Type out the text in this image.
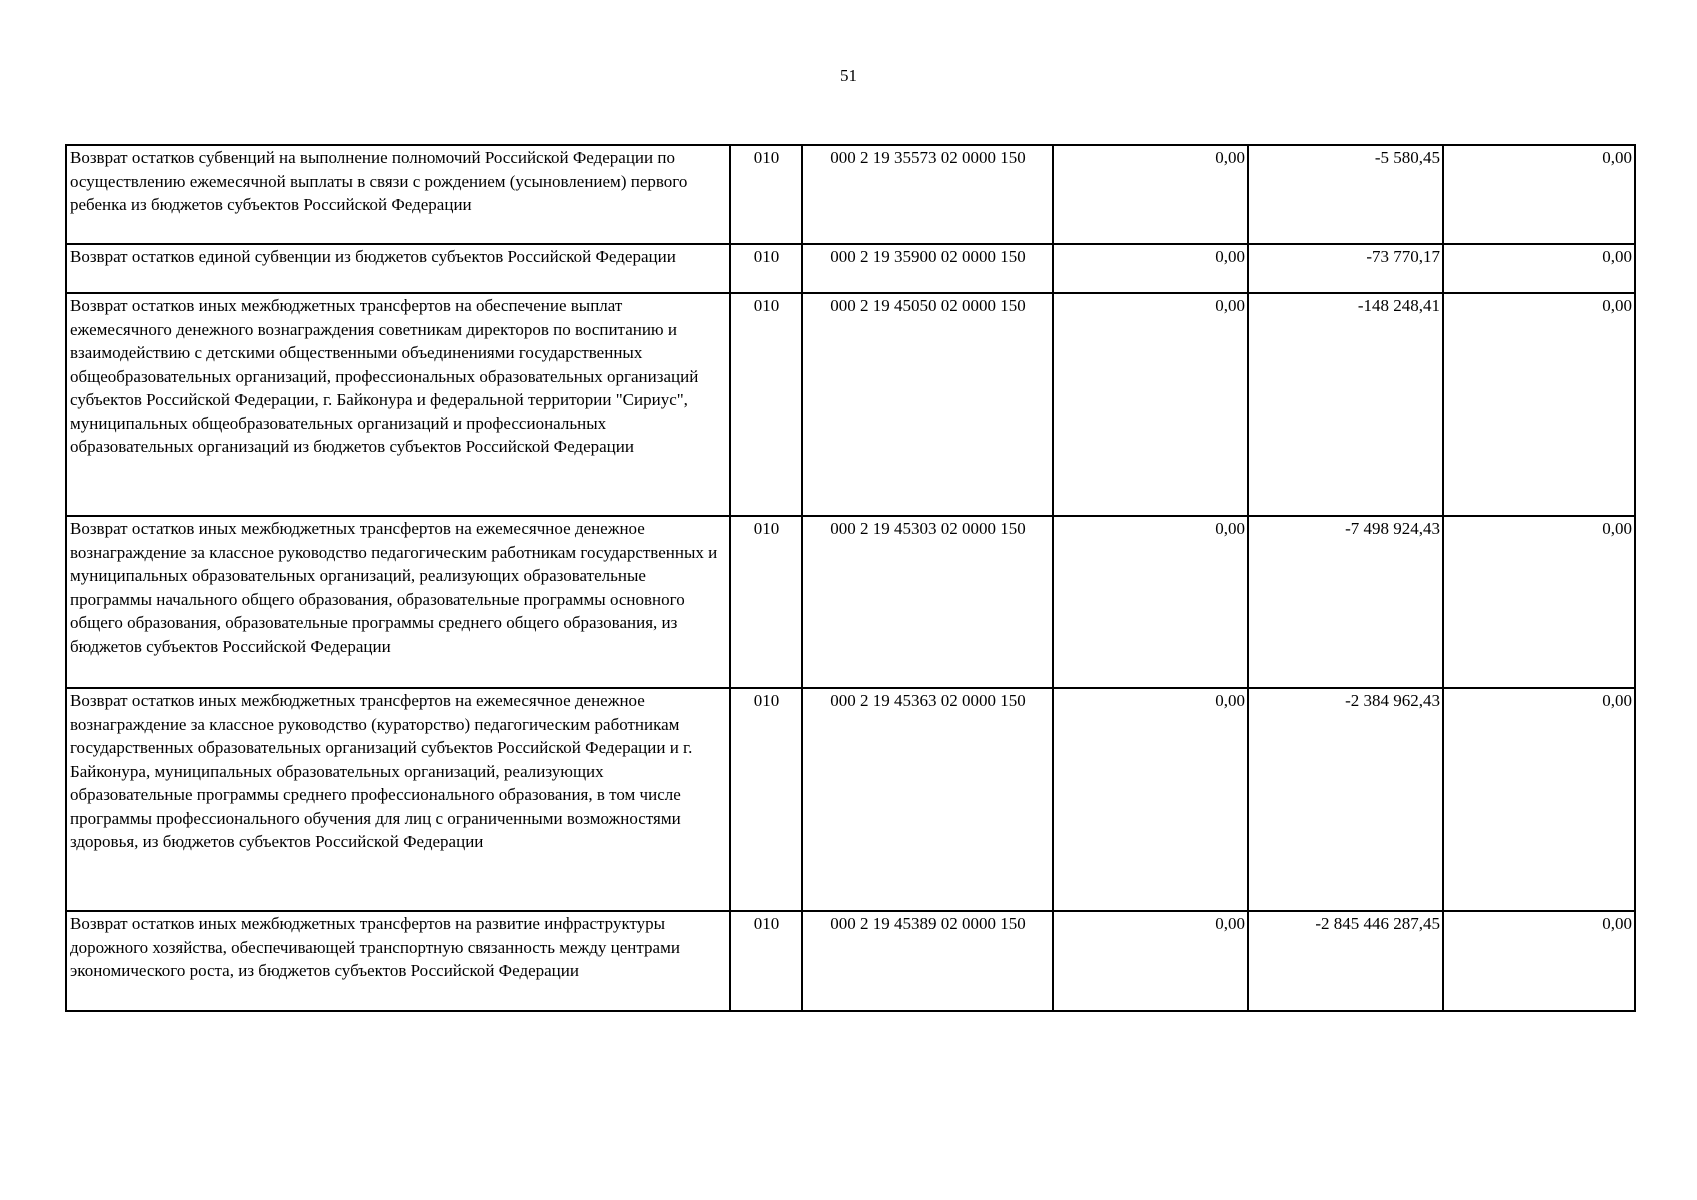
51
Возврат остатков субвенций на выполнение полномочий Российской Федерации по осуществлению ежемесячной выплаты в связи с рождением (усыновлением) первого ребенка из бюджетов субъектов Российской Федерации	010	000 2 19 35573 02 0000 150	0,00	-5 580,45	0,00
Возврат остатков единой субвенции из бюджетов субъектов Российской Федерации	010	000 2 19 35900 02 0000 150	0,00	-73 770,17	0,00
Возврат остатков иных межбюджетных трансфертов на обеспечение выплат ежемесячного денежного вознаграждения советникам директоров по воспитанию и взаимодействию с детскими общественными объединениями государственных общеобразовательных организаций, профессиональных образовательных организаций субъектов Российской Федерации, г. Байконура и федеральной территории "Сириус", муниципальных общеобразовательных организаций и профессиональных образовательных организаций из бюджетов субъектов Российской Федерации	010	000 2 19 45050 02 0000 150	0,00	-148 248,41	0,00
Возврат остатков иных межбюджетных трансфертов на ежемесячное денежное вознаграждение за классное руководство педагогическим работникам государственных и муниципальных образовательных организаций, реализующих образовательные программы начального общего образования, образовательные программы основного общего образования, образовательные программы среднего общего образования, из бюджетов субъектов Российской Федерации	010	000 2 19 45303 02 0000 150	0,00	-7 498 924,43	0,00
Возврат остатков иных межбюджетных трансфертов на ежемесячное денежное вознаграждение за классное руководство (кураторство) педагогическим работникам государственных образовательных организаций субъектов Российской Федерации и г. Байконура, муниципальных образовательных организаций, реализующих образовательные программы среднего профессионального образования, в том числе программы профессионального обучения для лиц с ограниченными возможностями здоровья, из бюджетов субъектов Российской Федерации	010	000 2 19 45363 02 0000 150	0,00	-2 384 962,43	0,00
Возврат остатков иных межбюджетных трансфертов на развитие инфраструктуры дорожного хозяйства, обеспечивающей транспортную связанность между центрами экономического роста, из бюджетов субъектов Российской Федерации	010	000 2 19 45389 02 0000 150	0,00	-2 845 446 287,45	0,00
